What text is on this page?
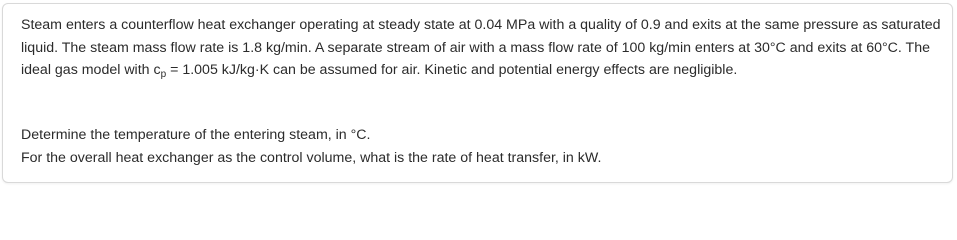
Steam enters a counterflow heat exchanger operating at steady state at 0.04 MPa with a quality of 0.9 and exits at the same pressure as saturated liquid. The steam mass flow rate is 1.8 kg/min. A separate stream of air with a mass flow rate of 100 kg/min enters at 30°C and exits at 60°C. The ideal gas model with $c_p = 1.005$ kJ/kg·K can be assumed for air. Kinetic and potential energy effects are negligible.
Determine the temperature of the entering steam, in °C.
For the overall heat exchanger as the control volume, what is the rate of heat transfer, in kW.
